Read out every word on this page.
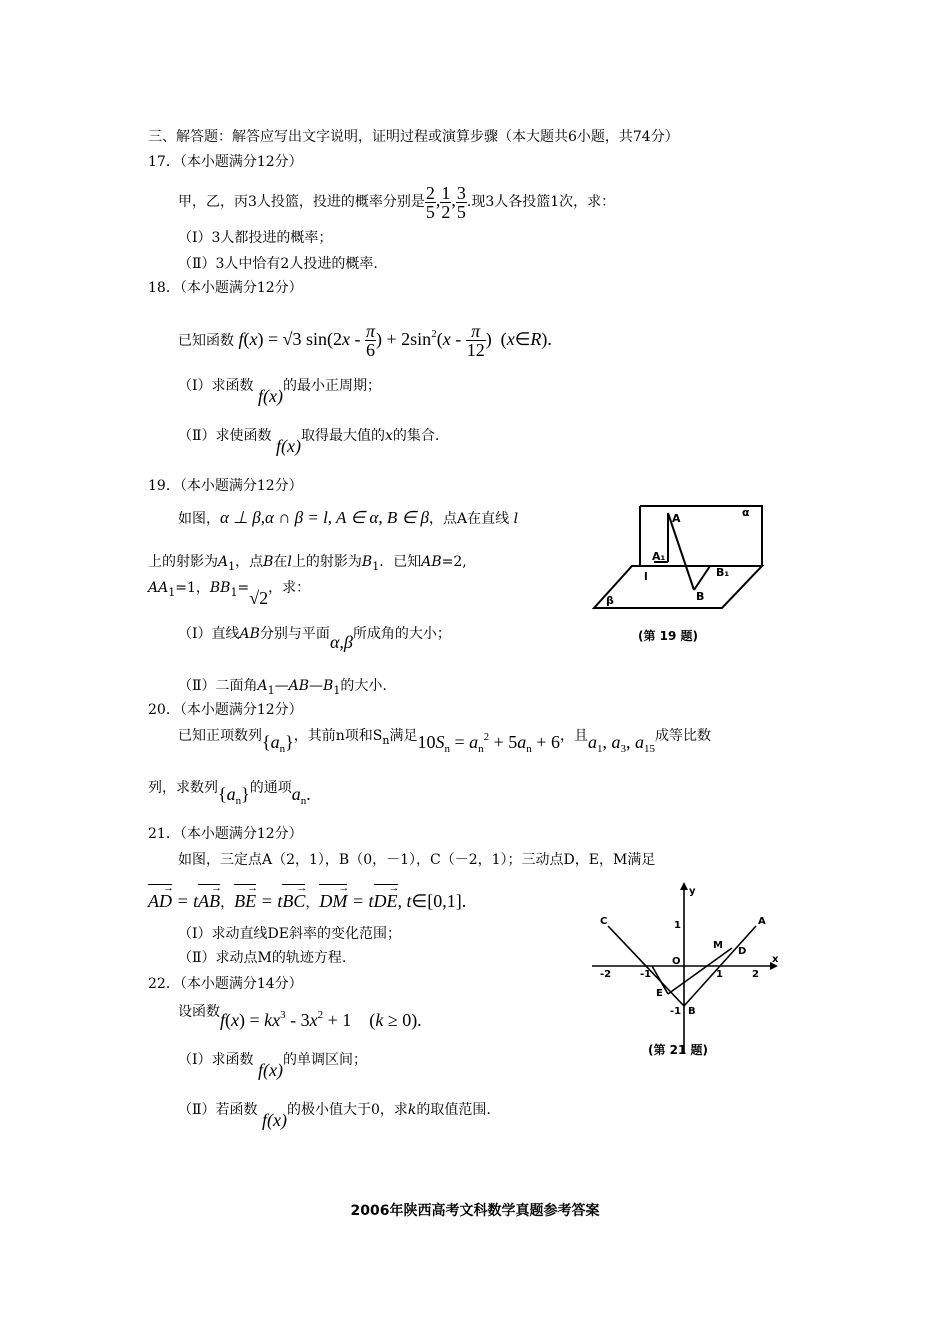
三、解答题：解答应写出文字说明，证明过程或演算步骤（本大题共6小题，共74分）
17．（本小题满分12分）
甲，乙，丙3人投篮，投进的概率分别是 $\frac{2}{5}$ , $\frac{1}{2}$ , $\frac{3}{5}$ .现3人各投篮1次，求：
（Ⅰ）3人都投进的概率；
（Ⅱ）3人中恰有2人投进的概率.
18．（本小题满分12分）
已知函数 f(x) = √3 $\sin(2x - \frac{\pi}{6}$ ) + $2\sin^2(x - \frac{\pi}{12}$ )  (x∈R).
（Ⅰ）求函数 f(x)的最小正周期；
（Ⅱ）求使函数 f(x)取得最大值的x的集合.
19．（本小题满分12分）
如图，α ⊥ β,α ∩ β = l, A ∈ α, B ∈ β，点A在直线 l
上的射影为$A_1$，点B在l上的射影为$B_1$．已知AB=2,
$AA_1=1$，$BB_1=√2$，求：
（Ⅰ）直线AB分别与平面α,β所成角的大小；
（Ⅱ）二面角$A_1—AB—B_1$的大小.
A	α
A₁
l	B₁
B
β
(第 19 题)
20．（本小题满分12分）
已知正项数列$\{a_n\}$，其前n项和$S_n$满足$10S_n = a_n^2 + 5a_n + 6$，且$a_1$, $a_3$, $a_{15}$成等比数
列，求数列$\{a_n\}$的通项$a_n$.
21．（本小题满分12分）
如图，三定点A（2，1），B（0，－1），C（－2，1）；三动点D，E，M满足
AD → = tAB →，BE → = tBC →，DM → = tDE →, t∈[0,1].
（Ⅰ）求动直线DE斜率的变化范围；
（Ⅱ）求动点M的轨迹方程.
y
x
C	A
1
M
D
O
-2	-1	1	2
E
-1 B
(第 21 题)
22．（本小题满分14分）
设函数$f(x) = kx^3 - 3x^2 + 1$    (k ≥ 0).
（Ⅰ）求函数 f(x)的单调区间；
（Ⅱ）若函数 f(x)的极小值大于0，求k的取值范围.
2006年陕西高考文科数学真题参考答案
